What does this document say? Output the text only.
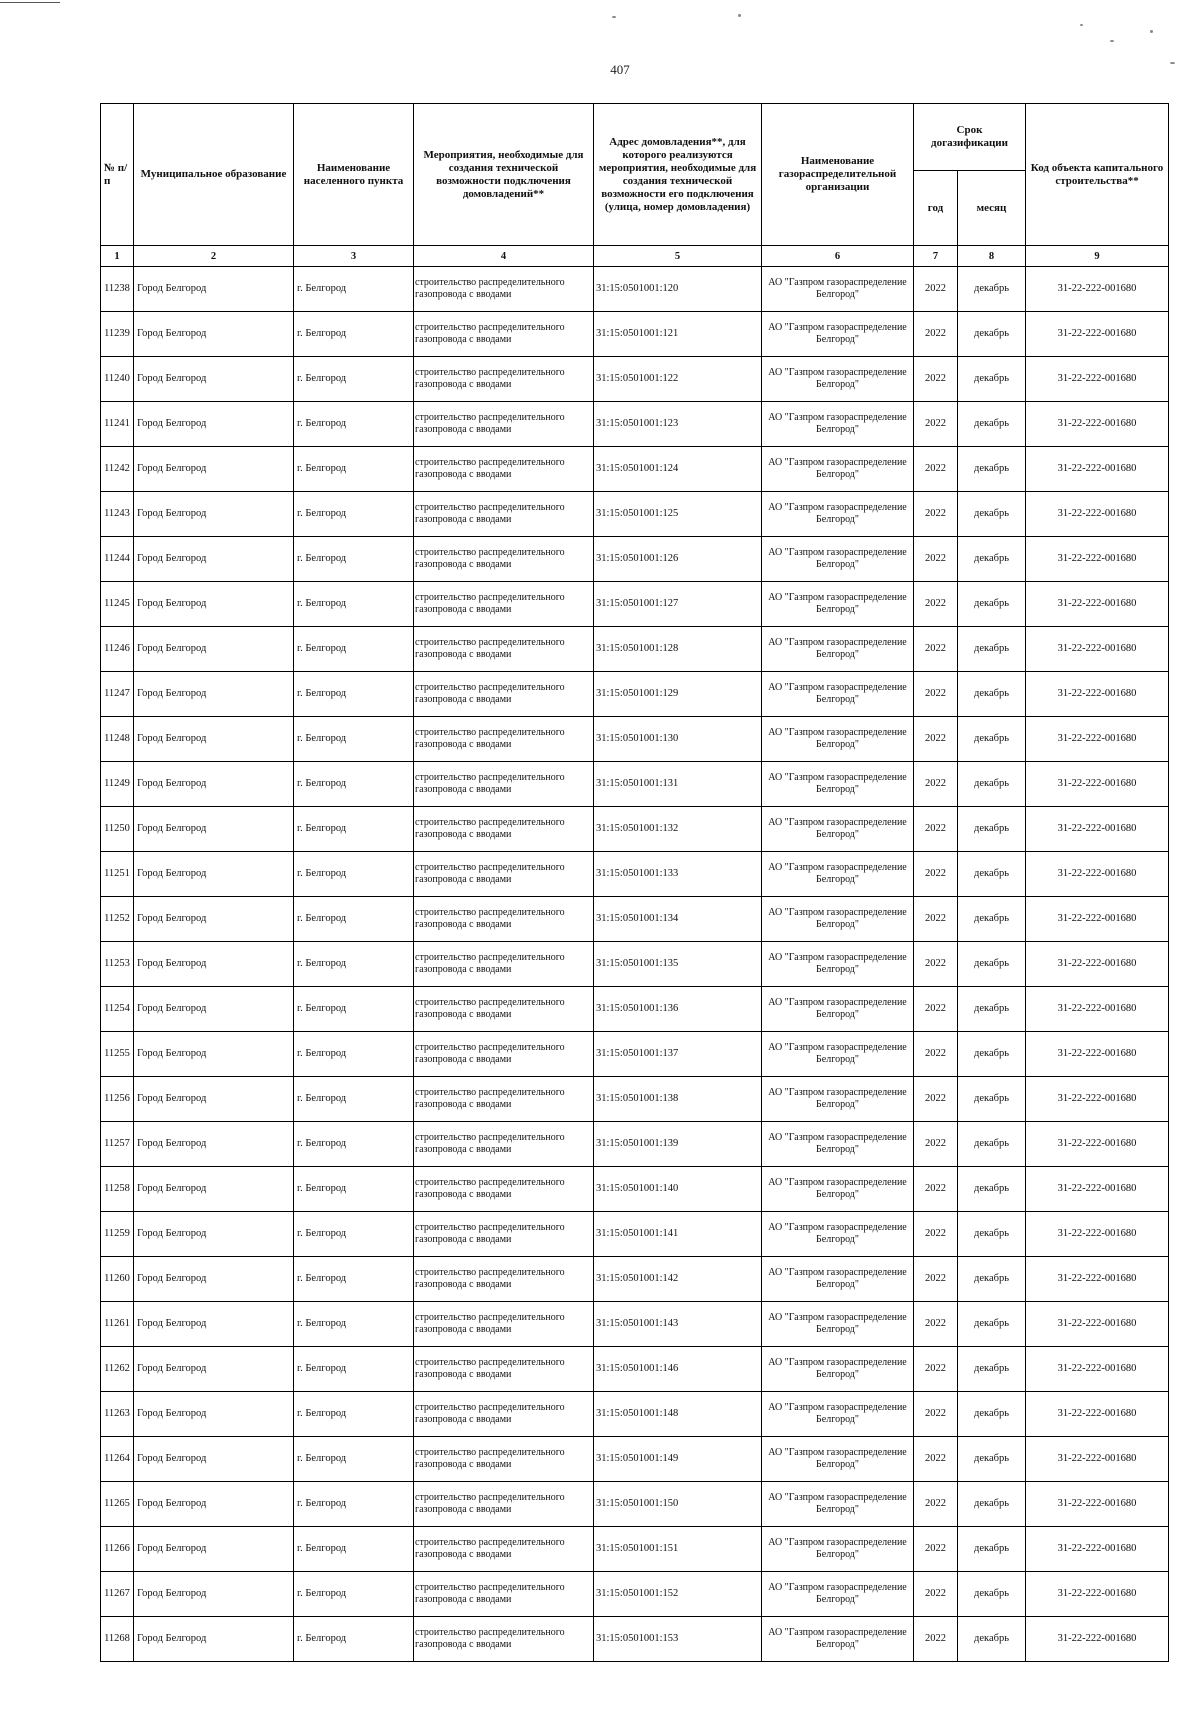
407
№ п/п	Муниципальное образование	Наименование населенного пункта	Мероприятия, необходимые для создания технической возможности подключения домовладений**	Адрес домовладения**, для которого реализуются мероприятия, необходимые для создания технической возможности его подключения (улица, номер домовладения)	Наименование газораспределительной организации	Срок догазификации		Код объекта капитального строительства**
						год	месяц	
1	2	3	4	5	6	7	8	9
11238	Город Белгород	г. Белгород	строительство распределительного газопровода с вводами	31:15:0501001:120	АО "Газпром газораспределение Белгород"	2022	декабрь	31-22-222-001680
11239	Город Белгород	г. Белгород	строительство распределительного газопровода с вводами	31:15:0501001:121	АО "Газпром газораспределение Белгород"	2022	декабрь	31-22-222-001680
11240	Город Белгород	г. Белгород	строительство распределительного газопровода с вводами	31:15:0501001:122	АО "Газпром газораспределение Белгород"	2022	декабрь	31-22-222-001680
11241	Город Белгород	г. Белгород	строительство распределительного газопровода с вводами	31:15:0501001:123	АО "Газпром газораспределение Белгород"	2022	декабрь	31-22-222-001680
11242	Город Белгород	г. Белгород	строительство распределительного газопровода с вводами	31:15:0501001:124	АО "Газпром газораспределение Белгород"	2022	декабрь	31-22-222-001680
11243	Город Белгород	г. Белгород	строительство распределительного газопровода с вводами	31:15:0501001:125	АО "Газпром газораспределение Белгород"	2022	декабрь	31-22-222-001680
11244	Город Белгород	г. Белгород	строительство распределительного газопровода с вводами	31:15:0501001:126	АО "Газпром газораспределение Белгород"	2022	декабрь	31-22-222-001680
11245	Город Белгород	г. Белгород	строительство распределительного газопровода с вводами	31:15:0501001:127	АО "Газпром газораспределение Белгород"	2022	декабрь	31-22-222-001680
11246	Город Белгород	г. Белгород	строительство распределительного газопровода с вводами	31:15:0501001:128	АО "Газпром газораспределение Белгород"	2022	декабрь	31-22-222-001680
11247	Город Белгород	г. Белгород	строительство распределительного газопровода с вводами	31:15:0501001:129	АО "Газпром газораспределение Белгород"	2022	декабрь	31-22-222-001680
11248	Город Белгород	г. Белгород	строительство распределительного газопровода с вводами	31:15:0501001:130	АО "Газпром газораспределение Белгород"	2022	декабрь	31-22-222-001680
11249	Город Белгород	г. Белгород	строительство распределительного газопровода с вводами	31:15:0501001:131	АО "Газпром газораспределение Белгород"	2022	декабрь	31-22-222-001680
11250	Город Белгород	г. Белгород	строительство распределительного газопровода с вводами	31:15:0501001:132	АО "Газпром газораспределение Белгород"	2022	декабрь	31-22-222-001680
11251	Город Белгород	г. Белгород	строительство распределительного газопровода с вводами	31:15:0501001:133	АО "Газпром газораспределение Белгород"	2022	декабрь	31-22-222-001680
11252	Город Белгород	г. Белгород	строительство распределительного газопровода с вводами	31:15:0501001:134	АО "Газпром газораспределение Белгород"	2022	декабрь	31-22-222-001680
11253	Город Белгород	г. Белгород	строительство распределительного газопровода с вводами	31:15:0501001:135	АО "Газпром газораспределение Белгород"	2022	декабрь	31-22-222-001680
11254	Город Белгород	г. Белгород	строительство распределительного газопровода с вводами	31:15:0501001:136	АО "Газпром газораспределение Белгород"	2022	декабрь	31-22-222-001680
11255	Город Белгород	г. Белгород	строительство распределительного газопровода с вводами	31:15:0501001:137	АО "Газпром газораспределение Белгород"	2022	декабрь	31-22-222-001680
11256	Город Белгород	г. Белгород	строительство распределительного газопровода с вводами	31:15:0501001:138	АО "Газпром газораспределение Белгород"	2022	декабрь	31-22-222-001680
11257	Город Белгород	г. Белгород	строительство распределительного газопровода с вводами	31:15:0501001:139	АО "Газпром газораспределение Белгород"	2022	декабрь	31-22-222-001680
11258	Город Белгород	г. Белгород	строительство распределительного газопровода с вводами	31:15:0501001:140	АО "Газпром газораспределение Белгород"	2022	декабрь	31-22-222-001680
11259	Город Белгород	г. Белгород	строительство распределительного газопровода с вводами	31:15:0501001:141	АО "Газпром газораспределение Белгород"	2022	декабрь	31-22-222-001680
11260	Город Белгород	г. Белгород	строительство распределительного газопровода с вводами	31:15:0501001:142	АО "Газпром газораспределение Белгород"	2022	декабрь	31-22-222-001680
11261	Город Белгород	г. Белгород	строительство распределительного газопровода с вводами	31:15:0501001:143	АО "Газпром газораспределение Белгород"	2022	декабрь	31-22-222-001680
11262	Город Белгород	г. Белгород	строительство распределительного газопровода с вводами	31:15:0501001:146	АО "Газпром газораспределение Белгород"	2022	декабрь	31-22-222-001680
11263	Город Белгород	г. Белгород	строительство распределительного газопровода с вводами	31:15:0501001:148	АО "Газпром газораспределение Белгород"	2022	декабрь	31-22-222-001680
11264	Город Белгород	г. Белгород	строительство распределительного газопровода с вводами	31:15:0501001:149	АО "Газпром газораспределение Белгород"	2022	декабрь	31-22-222-001680
11265	Город Белгород	г. Белгород	строительство распределительного газопровода с вводами	31:15:0501001:150	АО "Газпром газораспределение Белгород"	2022	декабрь	31-22-222-001680
11266	Город Белгород	г. Белгород	строительство распределительного газопровода с вводами	31:15:0501001:151	АО "Газпром газораспределение Белгород"	2022	декабрь	31-22-222-001680
11267	Город Белгород	г. Белгород	строительство распределительного газопровода с вводами	31:15:0501001:152	АО "Газпром газораспределение Белгород"	2022	декабрь	31-22-222-001680
11268	Город Белгород	г. Белгород	строительство распределительного газопровода с вводами	31:15:0501001:153	АО "Газпром газораспределение Белгород"	2022	декабрь	31-22-222-001680
